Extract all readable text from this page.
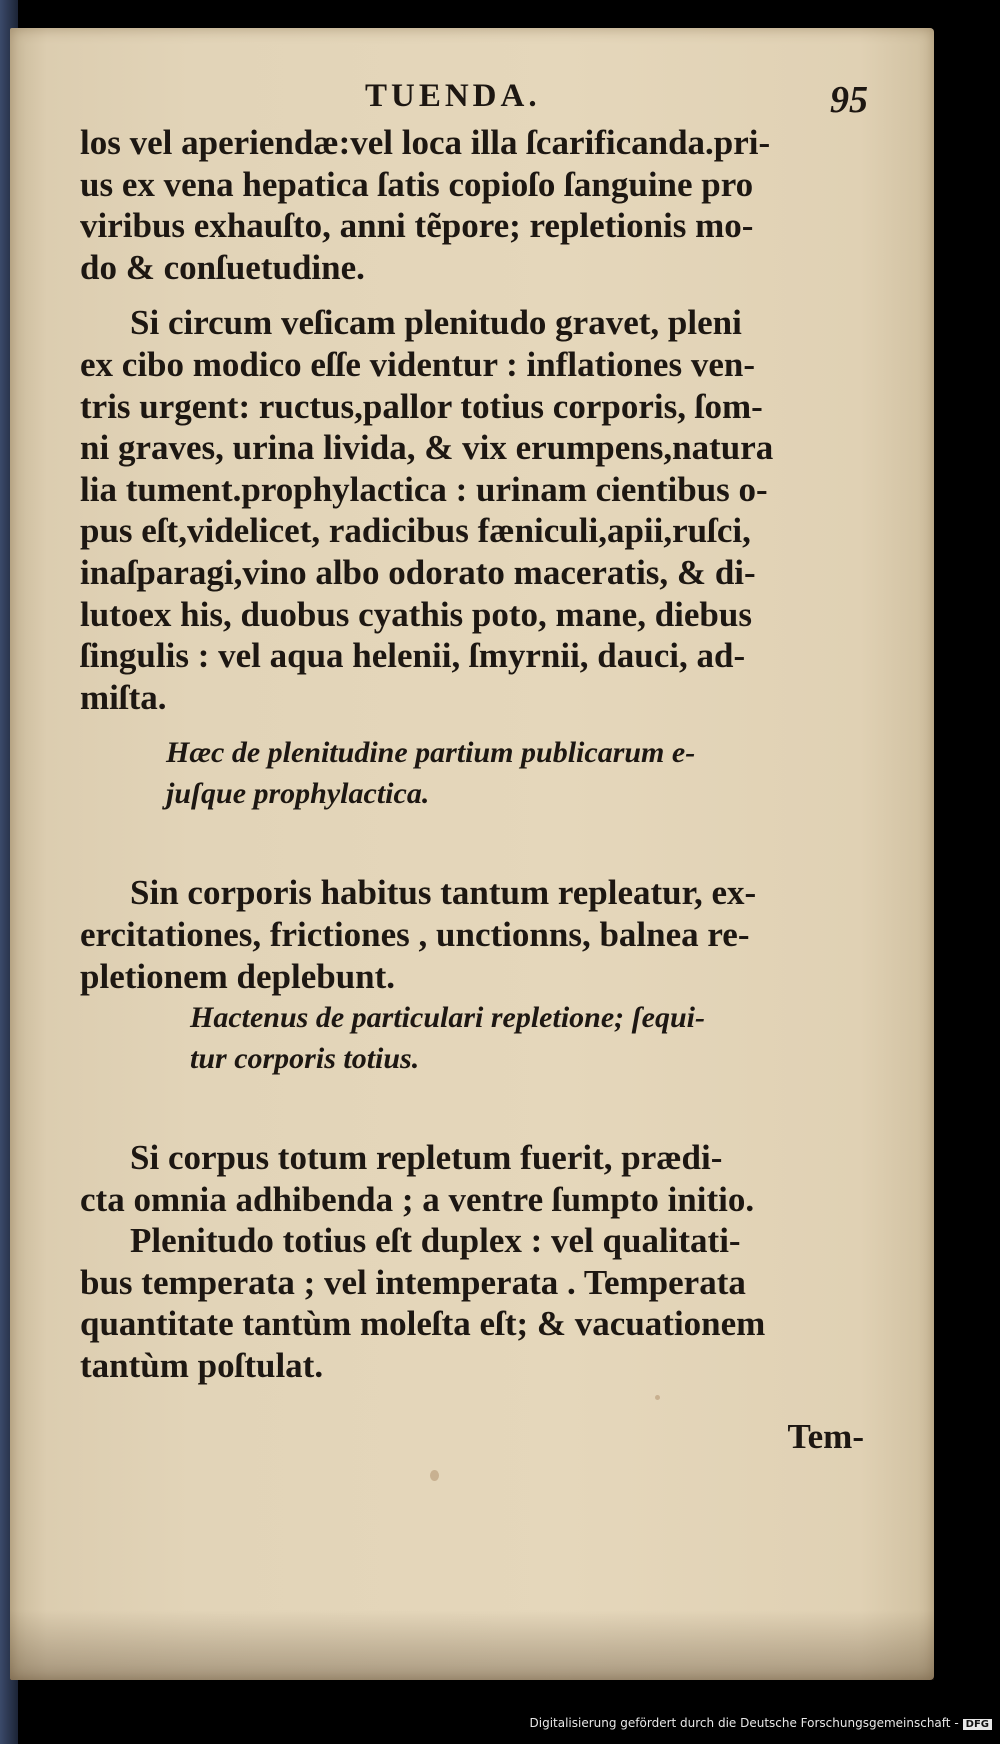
TUENDA.	95

los vel aperiendæ:vel loca illa ſcarificanda.pri-
us ex vena hepatica ſatis copioſo ſanguine pro
viribus exhauſto, anni tẽpore; repletionis mo-
do & conſuetudine.

Si circum veſicam plenitudo gravet, pleni
ex cibo modico eſſe videntur : inflationes ven-
tris urgent: ructus,pallor totius corporis, ſom-
ni graves, urina livida, & vix erumpens,natura
lia tument.prophylactica : urinam cientibus o-
pus eſt,videlicet, radicibus fæniculi,apii,ruſci,
inaſparagi,vino albo odorato maceratis, & di-
lutoex his, duobus cyathis poto, mane, diebus
ſingulis : vel aqua helenii, ſmyrnii, dauci, ad-
miſta.

Hæc de plenitudine partium publicarum e-
juſque prophylactica.

Sin corporis habitus tantum repleatur, ex-
ercitationes, frictiones , unctionns, balnea re-
pletionem deplebunt.

Hactenus de particulari repletione; ſequi-
tur corporis totius.

Si corpus totum repletum fuerit, prædi-
cta omnia adhibenda ; a ventre ſumpto initio.

Plenitudo totius eſt duplex : vel qualitati-
bus temperata ; vel intemperata . Temperata
quantitate tantùm moleſta eſt; & vacuationem
tantùm poſtulat.

Tem-
Digitalisierung gefördert durch die Deutsche Forschungsgemeinschaft - DFG
